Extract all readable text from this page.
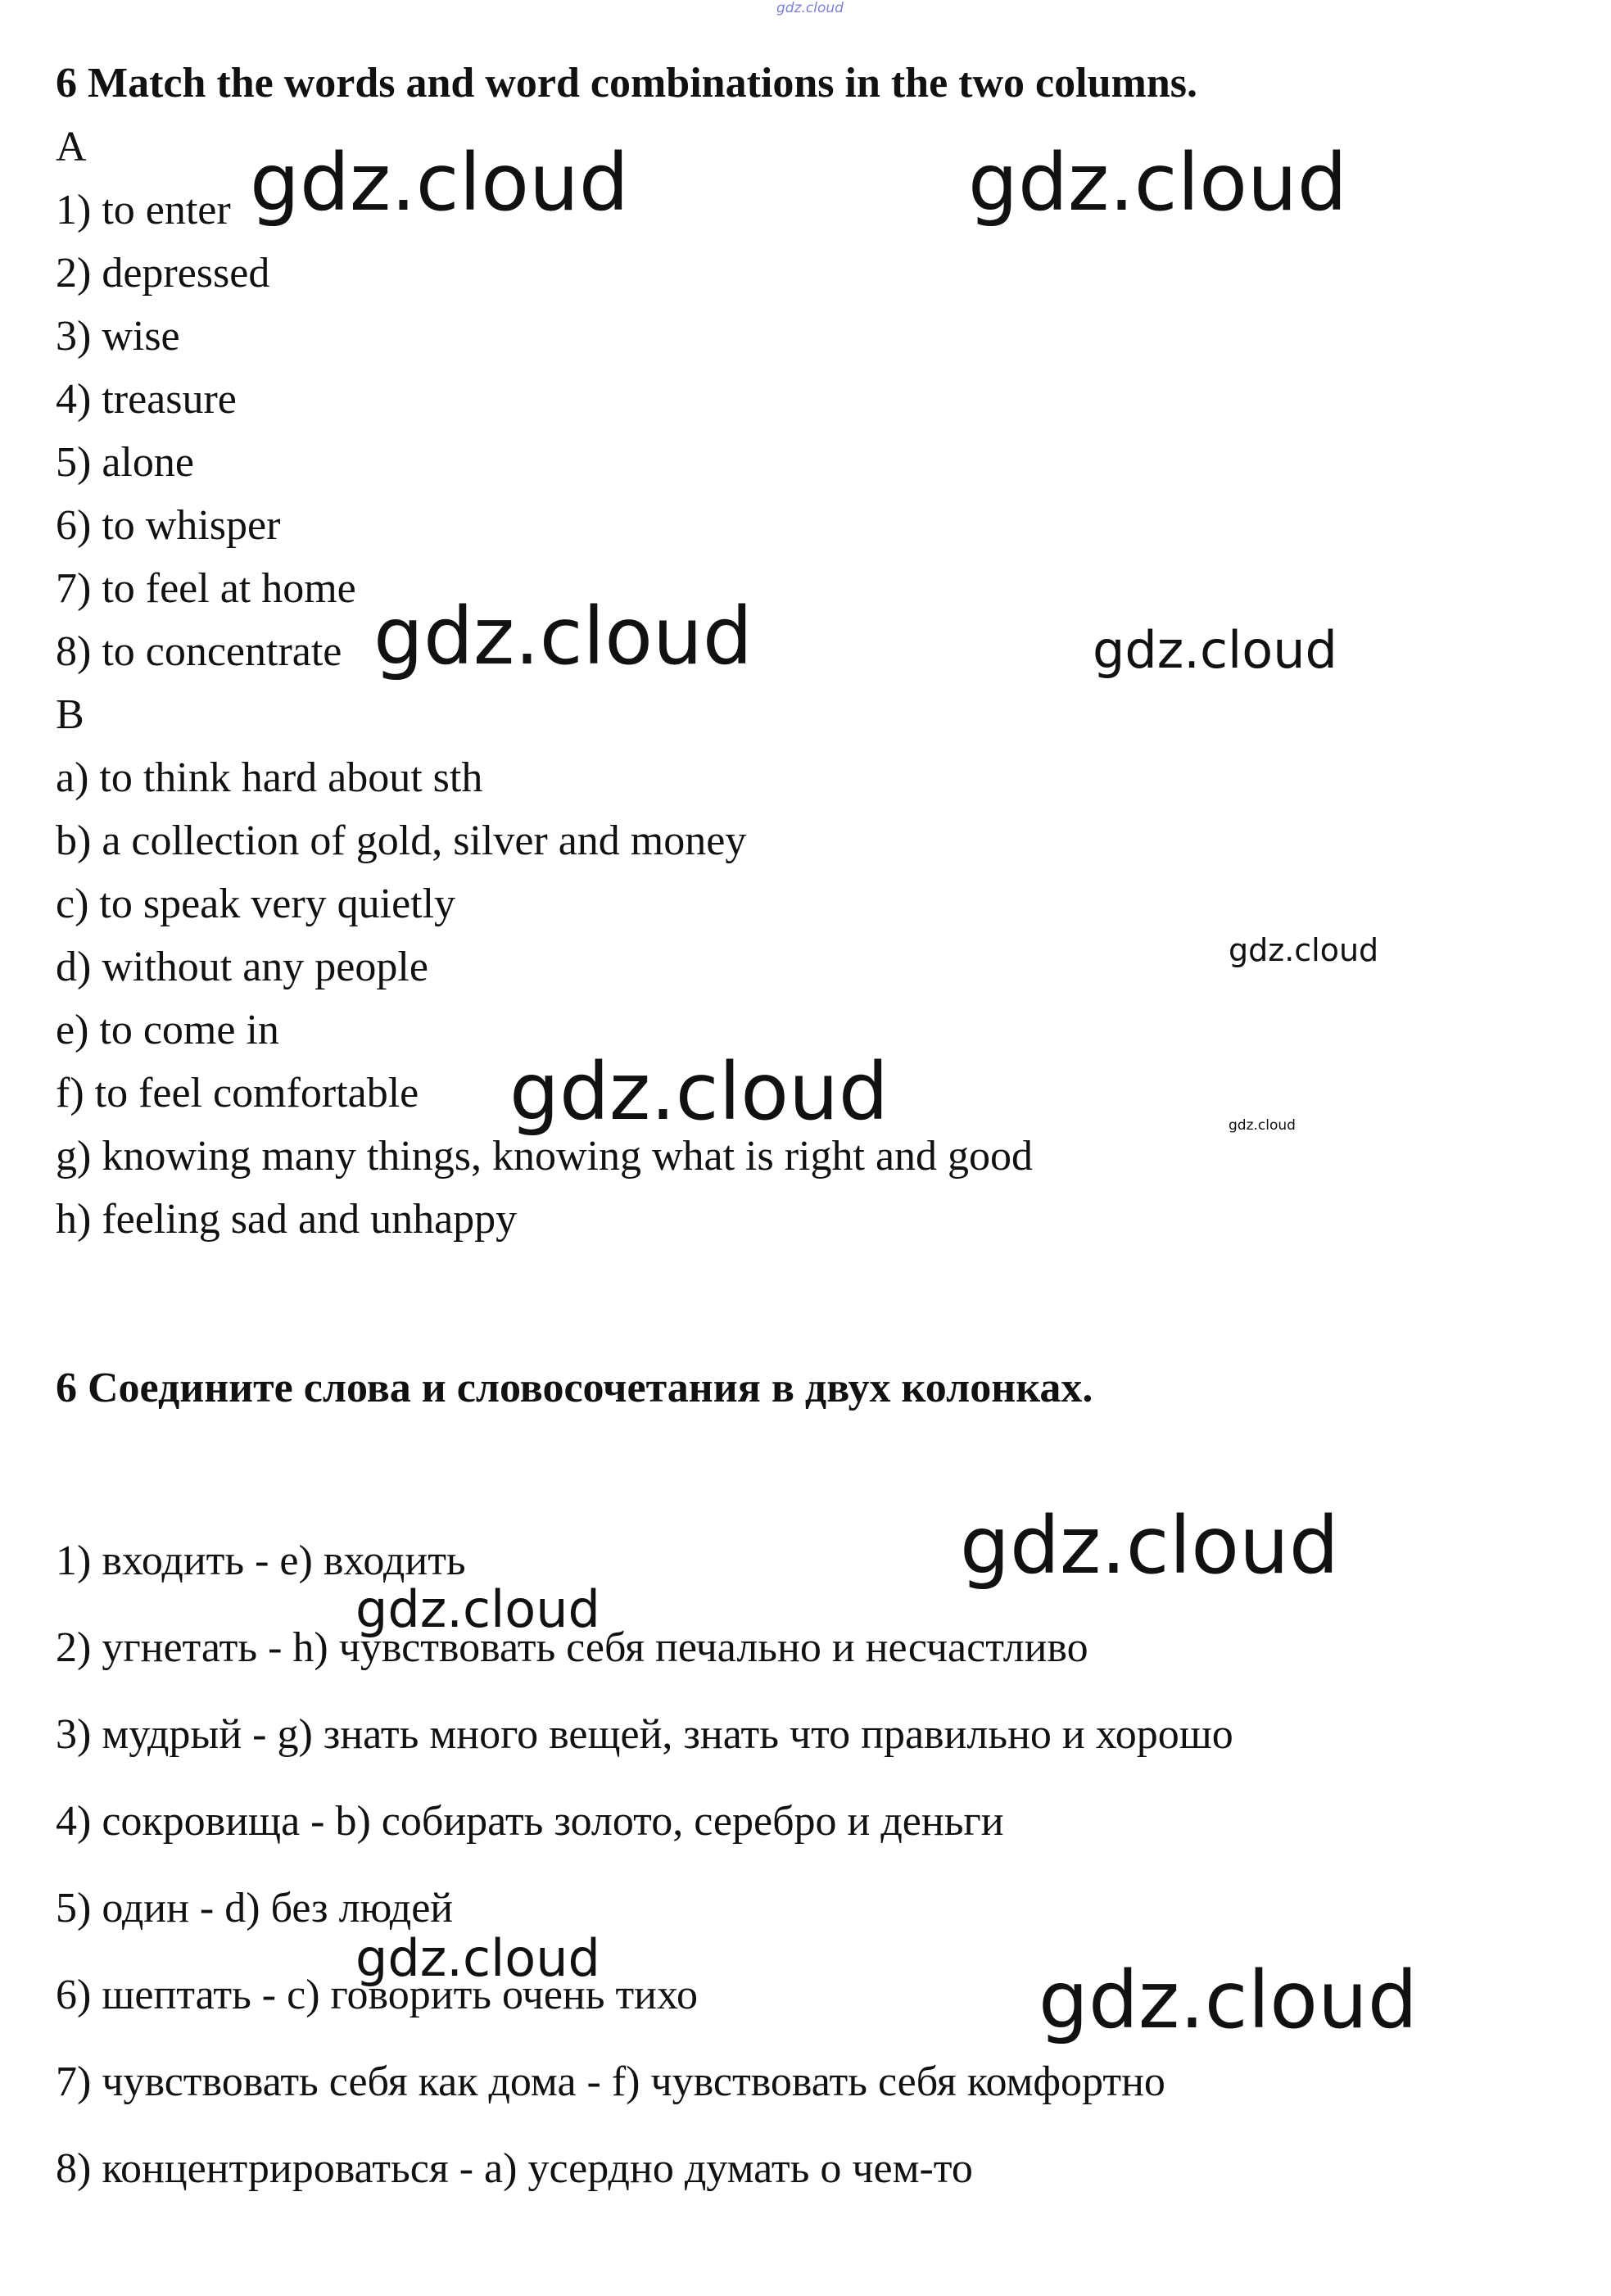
gdz.cloud
6 Match the words and word combinations in the two columns.
A
1) to enter
2) depressed
3) wise
4) treasure
5) alone
6) to whisper
7) to feel at home
8) to concentrate
B
a) to think hard about sth
b) a collection of gold, silver and money
c) to speak very quietly
d) without any people
e) to come in
f) to feel comfortable
g) knowing many things, knowing what is right and good
h) feeling sad and unhappy
6 Соедините слова и словосочетания в двух колонках.
1) входить - e) входить
2) угнетать - h) чувствовать себя печально и несчастливо
3) мудрый - g) знать много вещей, знать что правильно и хорошо
4) сокровища - b) собирать золото, серебро и деньги
5) один - d) без людей
6) шептать - c) говорить очень тихо
7) чувствовать себя как дома - f) чувствовать себя комфортно
8) концентрироваться - a) усердно думать о чем-то
gdz.cloud	gdz.cloud
gdz.cloud	gdz.cloud
gdz.cloud
gdz.cloud	gdz.cloud
gdz.cloud
gdz.cloud
gdz.cloud	gdz.cloud
